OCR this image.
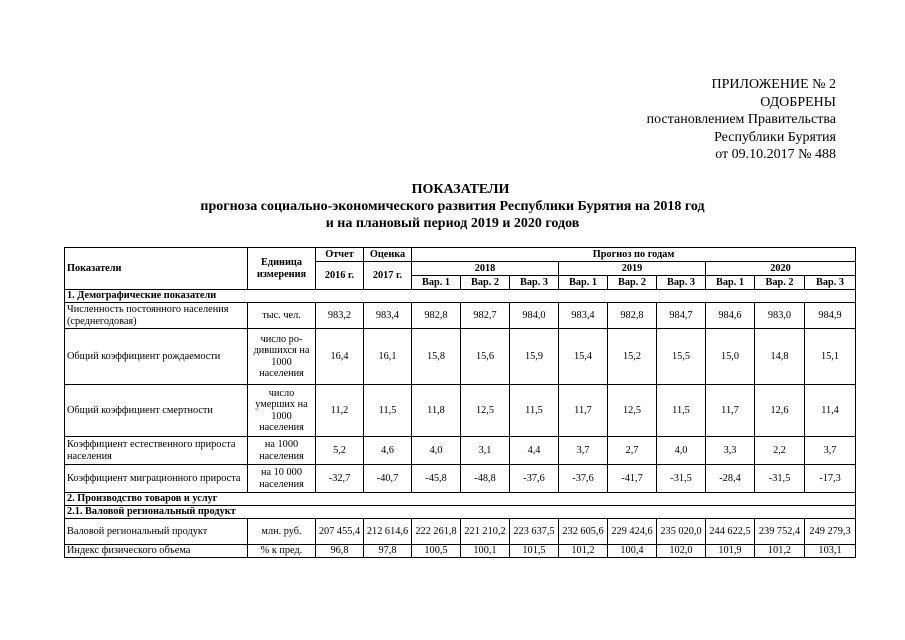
ПРИЛОЖЕНИЕ № 2
ОДОБРЕНЫ
постановлением Правительства
Республики Бурятия
от 09.10.2017 № 488
ПОКАЗАТЕЛИ
прогноза социально-экономического развития Республики Бурятия на 2018 год
и на плановый период 2019 и 2020 годов
Показатели	Единица измерения	Отчет	Оценка	Прогноз по годам								
		2016 г.	2017 г.	2018			2019			2020		
				Вар. 1	Вар. 2	Вар. 3	Вар. 1	Вар. 2	Вар. 3	Вар. 1	Вар. 2	Вар. 3
1. Демографические показатели												
Численность постоянного населения (среднегодовая)	тыс. чел.	983,2	983,4	982,8	982,7	984,0	983,4	982,8	984,7	984,6	983,0	984,9
Общий коэффициент рождаемости	число ро-дившихся на 1000 населения	16,4	16,1	15,8	15,6	15,9	15,4	15,2	15,5	15,0	14,8	15,1
Общий коэффициент смертности	число умерших на 1000 населения	11,2	11,5	11,8	12,5	11,5	11,7	12,5	11,5	11,7	12,6	11,4
Коэффициент естественного прироста населения	на 1000 населения	5,2	4,6	4,0	3,1	4,4	3,7	2,7	4,0	3,3	2,2	3,7
Коэффициент миграционного прироста	на 10 000 населения	-32,7	-40,7	-45,8	-48,8	-37,6	-37,6	-41,7	-31,5	-28,4	-31,5	-17,3
2. Производство товаров и услуг												
2.1. Валовой региональный продукт												
Валовой региональный продукт	млн. руб.	207 455,4	212 614,6	222 261,8	221 210,2	223 637,5	232 605,6	229 424,6	235 020,0	244 622,5	239 752,4	249 279,3
Индекс физического объема	% к пред.	96,8	97,8	100,5	100,1	101,5	101,2	100,4	102,0	101,9	101,2	103,1
